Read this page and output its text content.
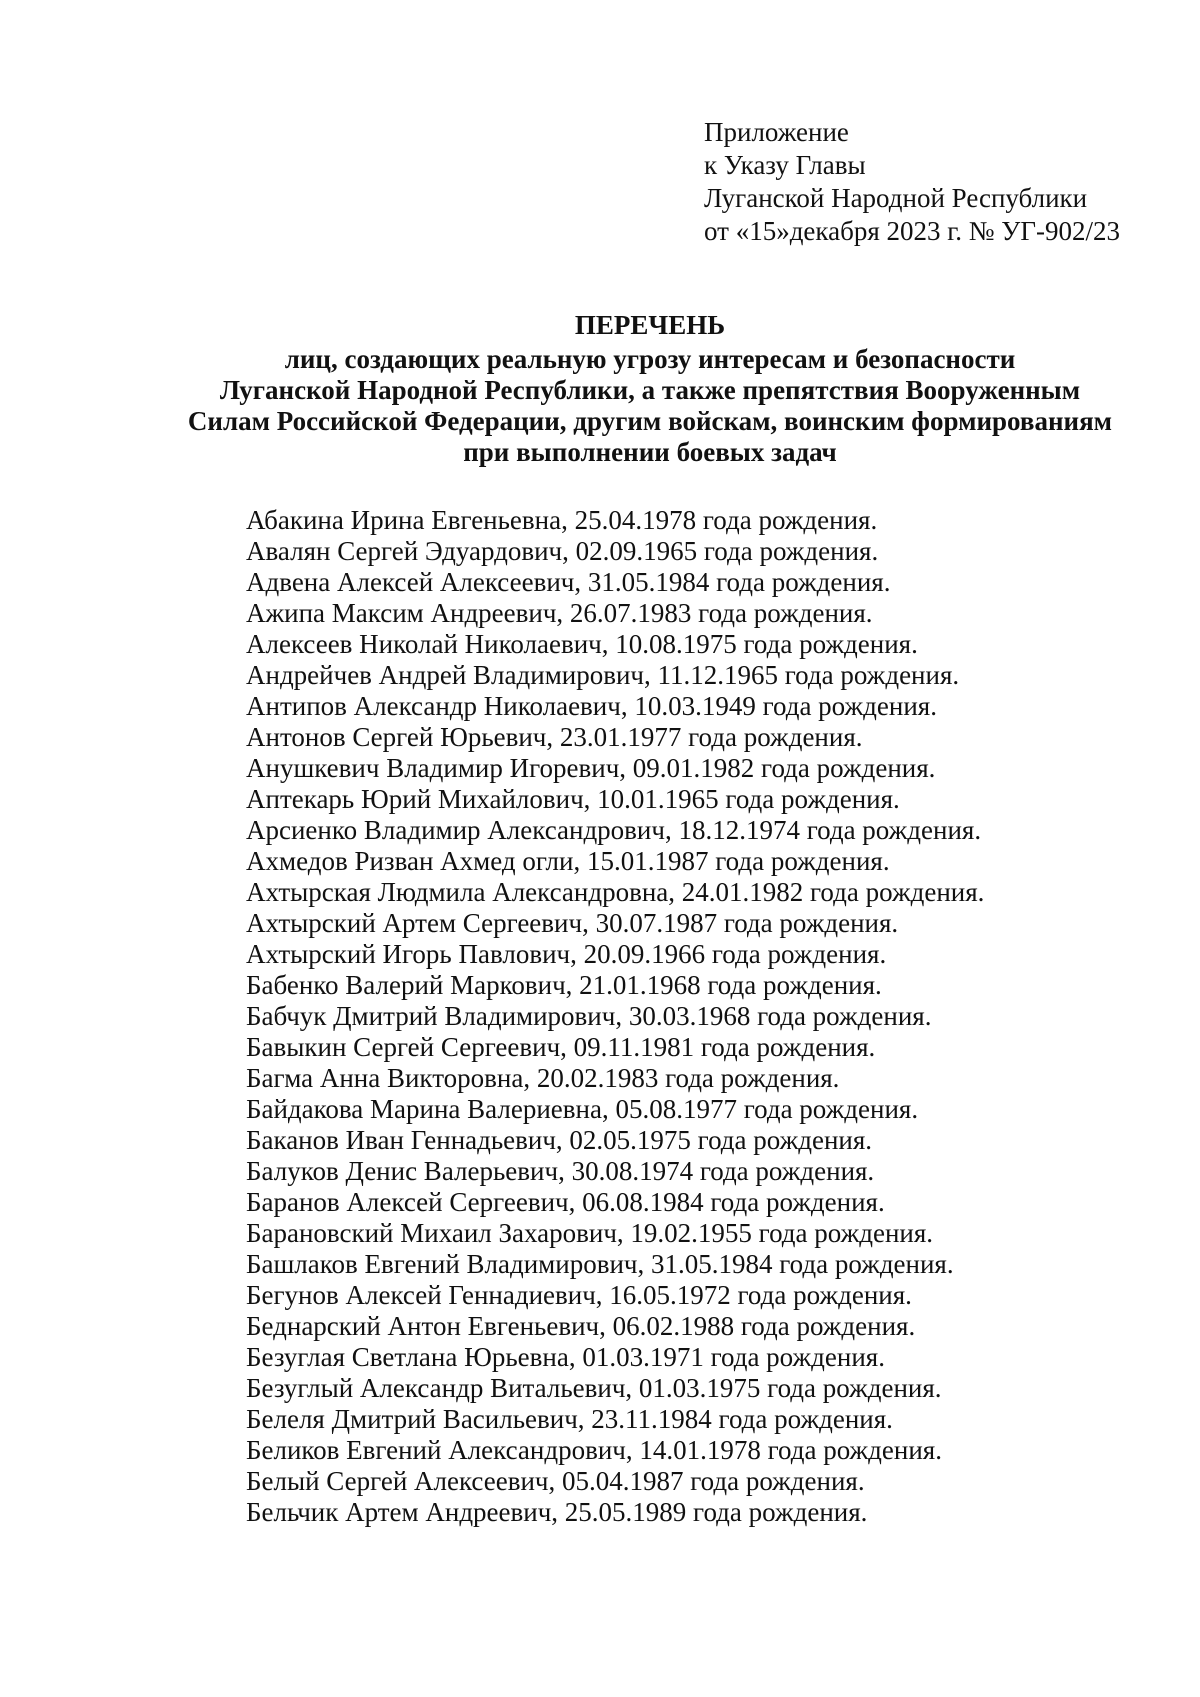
Приложение
к Указу Главы
Луганской Народной Республики
от «15»декабря 2023 г. № УГ-902/23
ПЕРЕЧЕНЬ
лиц, создающих реальную угрозу интересам и безопасности
Луганской Народной Республики, а также препятствия Вооруженным
Силам Российской Федерации, другим войскам, воинским формированиям
при выполнении боевых задач
Абакина Ирина Евгеньевна, 25.04.1978 года рождения.
Авалян Сергей Эдуардович, 02.09.1965 года рождения.
Адвена Алексей Алексеевич, 31.05.1984 года рождения.
Ажипа Максим Андреевич, 26.07.1983 года рождения.
Алексеев Николай Николаевич, 10.08.1975 года рождения.
Андрейчев Андрей Владимирович, 11.12.1965 года рождения.
Антипов Александр Николаевич, 10.03.1949 года рождения.
Антонов Сергей Юрьевич, 23.01.1977 года рождения.
Анушкевич Владимир Игоревич, 09.01.1982 года рождения.
Аптекарь Юрий Михайлович, 10.01.1965 года рождения.
Арсиенко Владимир Александрович, 18.12.1974 года рождения.
Ахмедов Ризван Ахмед огли, 15.01.1987 года рождения.
Ахтырская Людмила Александровна, 24.01.1982 года рождения.
Ахтырский Артем Сергеевич, 30.07.1987 года рождения.
Ахтырский Игорь Павлович, 20.09.1966 года рождения.
Бабенко Валерий Маркович, 21.01.1968 года рождения.
Бабчук Дмитрий Владимирович, 30.03.1968 года рождения.
Бавыкин Сергей Сергеевич, 09.11.1981 года рождения.
Багма Анна Викторовна, 20.02.1983 года рождения.
Байдакова Марина Валериевна, 05.08.1977 года рождения.
Баканов Иван Геннадьевич, 02.05.1975 года рождения.
Балуков Денис Валерьевич, 30.08.1974 года рождения.
Баранов Алексей Сергеевич, 06.08.1984 года рождения.
Барановский Михаил Захарович, 19.02.1955 года рождения.
Башлаков Евгений Владимирович, 31.05.1984 года рождения.
Бегунов Алексей Геннадиевич, 16.05.1972 года рождения.
Беднарский Антон Евгеньевич, 06.02.1988 года рождения.
Безуглая Светлана Юрьевна, 01.03.1971 года рождения.
Безуглый Александр Витальевич, 01.03.1975 года рождения.
Белеля Дмитрий Васильевич, 23.11.1984 года рождения.
Беликов Евгений Александрович, 14.01.1978 года рождения.
Белый Сергей Алексеевич, 05.04.1987 года рождения.
Бельчик Артем Андреевич, 25.05.1989 года рождения.
